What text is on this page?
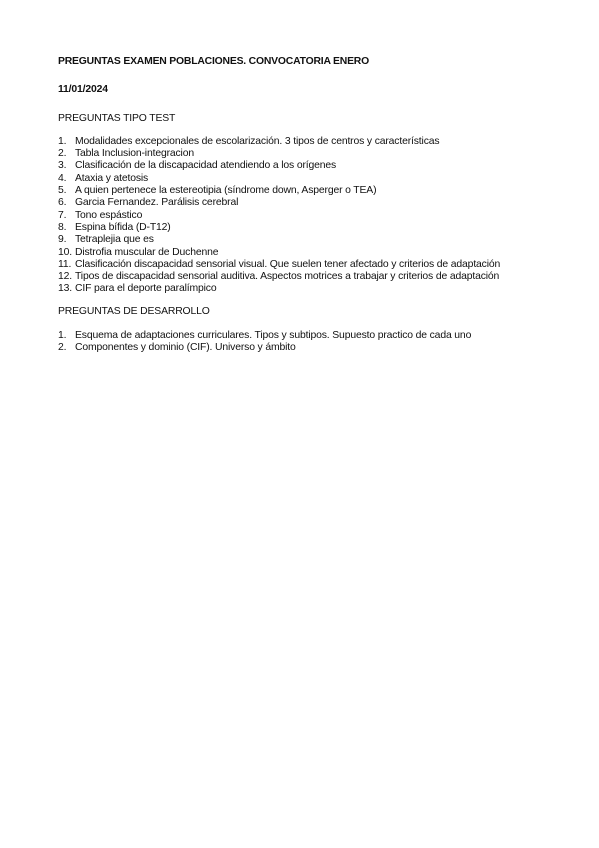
PREGUNTAS EXAMEN POBLACIONES. CONVOCATORIA ENERO

11/01/2024

PREGUNTAS TIPO TEST

1. Modalidades excepcionales de escolarización. 3 tipos de centros y características
2. Tabla Inclusion-integracion
3. Clasificación de la discapacidad atendiendo a los orígenes
4. Ataxia y atetosis
5. A quien pertenece la estereotipia (síndrome down, Asperger o TEA)
6. Garcia Fernandez. Parálisis cerebral
7. Tono espástico
8. Espina bífida (D-T12)
9. Tetraplejia que es
10. Distrofia muscular de Duchenne
11. Clasificación discapacidad sensorial visual. Que suelen tener afectado y criterios de adaptación
12. Tipos de discapacidad sensorial auditiva. Aspectos motrices a trabajar y criterios de adaptación
13. CIF para el deporte paralímpico

PREGUNTAS DE DESARROLLO

1. Esquema de adaptaciones curriculares. Tipos y subtipos. Supuesto practico de cada uno
2. Componentes y dominio (CIF). Universo y ámbito
